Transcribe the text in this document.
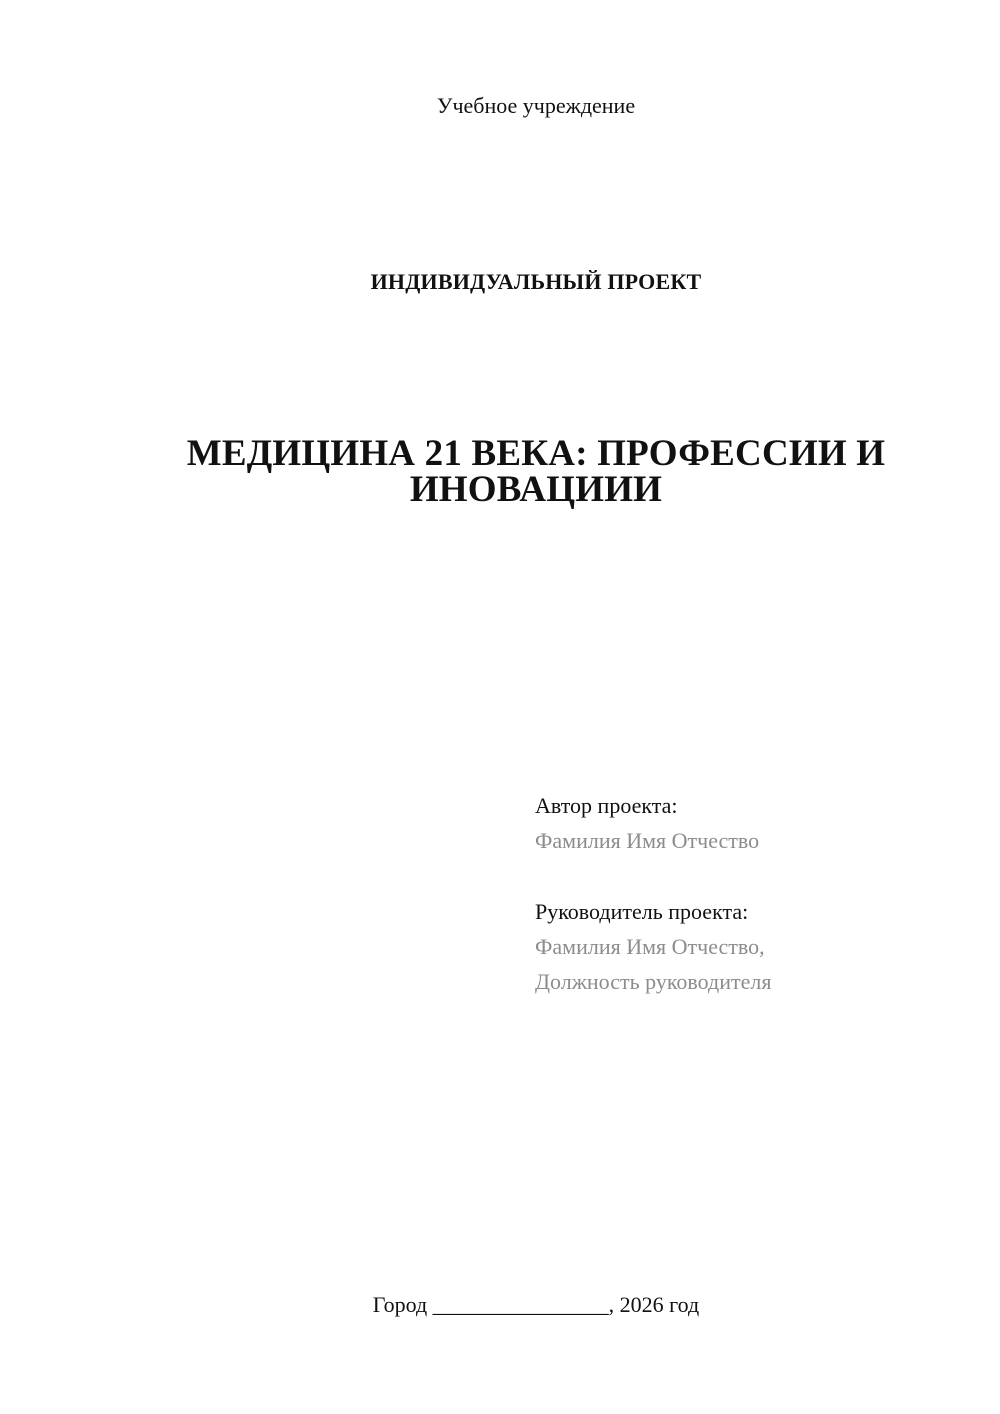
Учебное учреждение
ИНДИВИДУАЛЬНЫЙ ПРОЕКТ
МЕДИЦИНА 21 ВЕКА: ПРОФЕССИИ И
ИНОВАЦИИИ
Автор проекта:
Фамилия Имя Отчество
Руководитель проекта:
Фамилия Имя Отчество,
Должность руководителя
Город ________________, 2026 год
